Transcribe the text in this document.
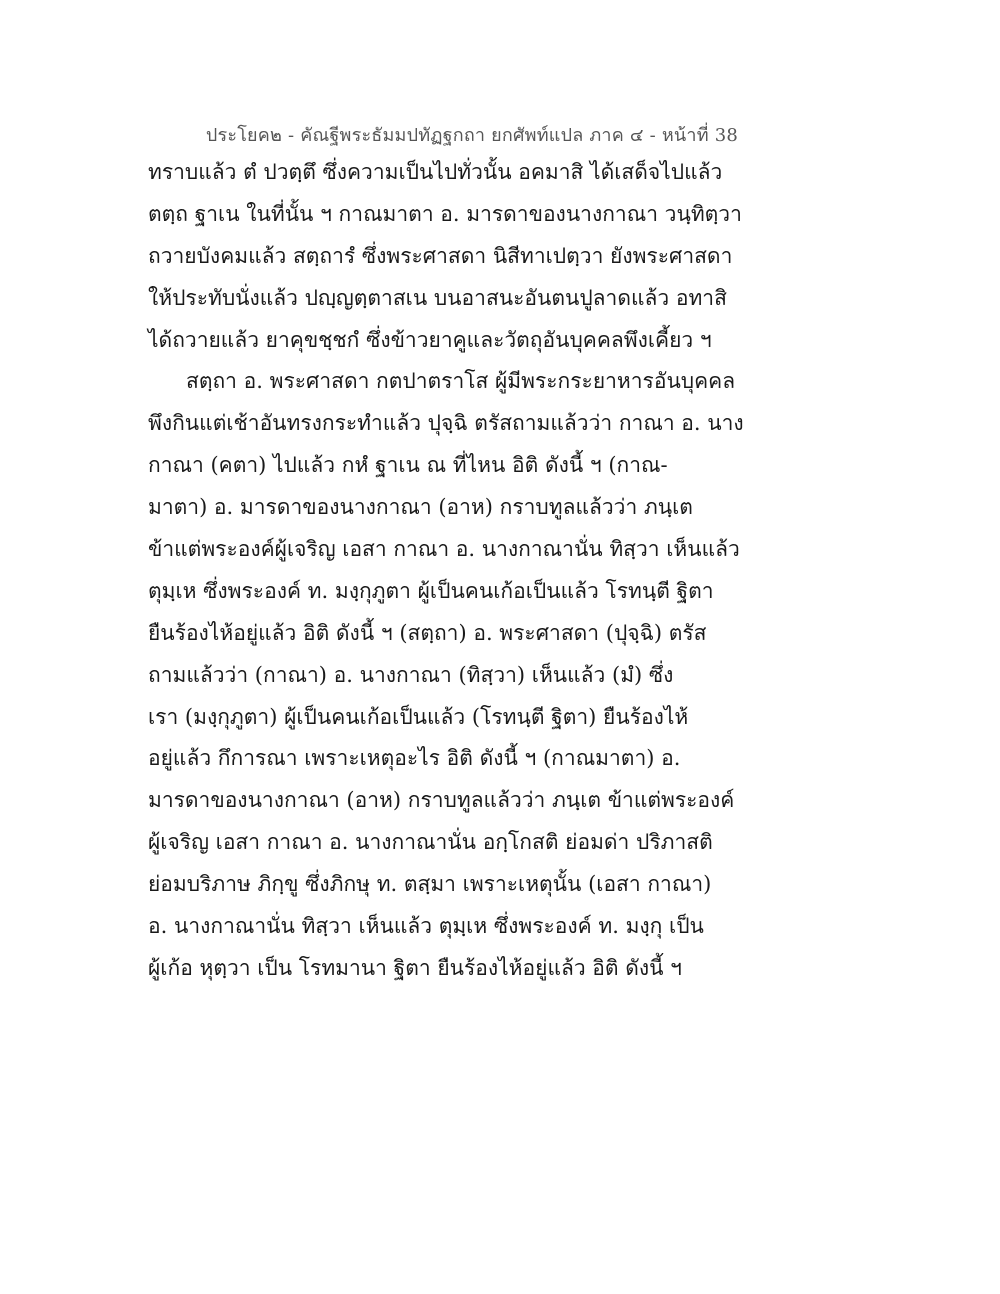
ประโยค๒ - คัณฐีพระธัมมปทัฏฐกถา ยกศัพท์แปล ภาค ๔ - หน้าที่ 38
ทราบแล้ว ตํ ปวตฺตึ ซึ่งความเป็นไปทั่วนั้น อคมาสิ ได้เสด็จไปแล้ว
ตตฺถ ฐาเน ในที่นั้น ฯ กาณมาตา อ. มารดาของนางกาณา วนฺทิตฺวา
ถวายบังคมแล้ว สตฺถารํ ซึ่งพระศาสดา นิสีทาเปตฺวา ยังพระศาสดา
ให้ประทับนั่งแล้ว ปญฺญตฺตาสเน บนอาสนะอันตนปูลาดแล้ว อทาสิ
ได้ถวายแล้ว ยาคุขชฺชกํ ซึ่งข้าวยาคูและวัตถุอันบุคคลพึงเคี้ยว ฯ
สตฺถา อ. พระศาสดา กตปาตราโส ผู้มีพระกระยาหารอันบุคคล
พึงกินแต่เช้าอันทรงกระทำแล้ว ปุจฺฉิ ตรัสถามแล้วว่า กาณา อ. นาง
กาณา (คตา) ไปแล้ว กหํ ฐาเน ณ ที่ไหน อิติ ดังนี้ ฯ (กาณ-
มาตา) อ. มารดาของนางกาณา (อาห) กราบทูลแล้วว่า ภนฺเต
ข้าแต่พระองค์ผู้เจริญ เอสา กาณา อ. นางกาณานั่น ทิสฺวา เห็นแล้ว
ตุมฺเห ซึ่งพระองค์ ท. มงฺกุภูตา ผู้เป็นคนเก้อเป็นแล้ว โรทนฺตี ฐิตา
ยืนร้องไห้อยู่แล้ว อิติ ดังนี้ ฯ (สตฺถา) อ. พระศาสดา (ปุจฺฉิ) ตรัส
ถามแล้วว่า (กาณา) อ. นางกาณา (ทิสฺวา) เห็นแล้ว (มํ) ซึ่ง
เรา (มงฺกุภูตา) ผู้เป็นคนเก้อเป็นแล้ว (โรทนฺตี ฐิตา) ยืนร้องไห้
อยู่แล้ว กึการณา เพราะเหตุอะไร อิติ ดังนี้ ฯ (กาณมาตา) อ.
มารดาของนางกาณา (อาห) กราบทูลแล้วว่า ภนฺเต ข้าแต่พระองค์
ผู้เจริญ เอสา กาณา อ. นางกาณานั่น อกฺโกสติ ย่อมด่า ปริภาสติ
ย่อมบริภาษ ภิกฺขู ซึ่งภิกษุ ท. ตสฺมา เพราะเหตุนั้น (เอสา กาณา)
อ. นางกาณานั่น ทิสฺวา เห็นแล้ว ตุมฺเห ซึ่งพระองค์ ท. มงฺกุ เป็น
ผู้เก้อ หุตฺวา เป็น โรทมานา ฐิตา ยืนร้องไห้อยู่แล้ว อิติ ดังนี้ ฯ
